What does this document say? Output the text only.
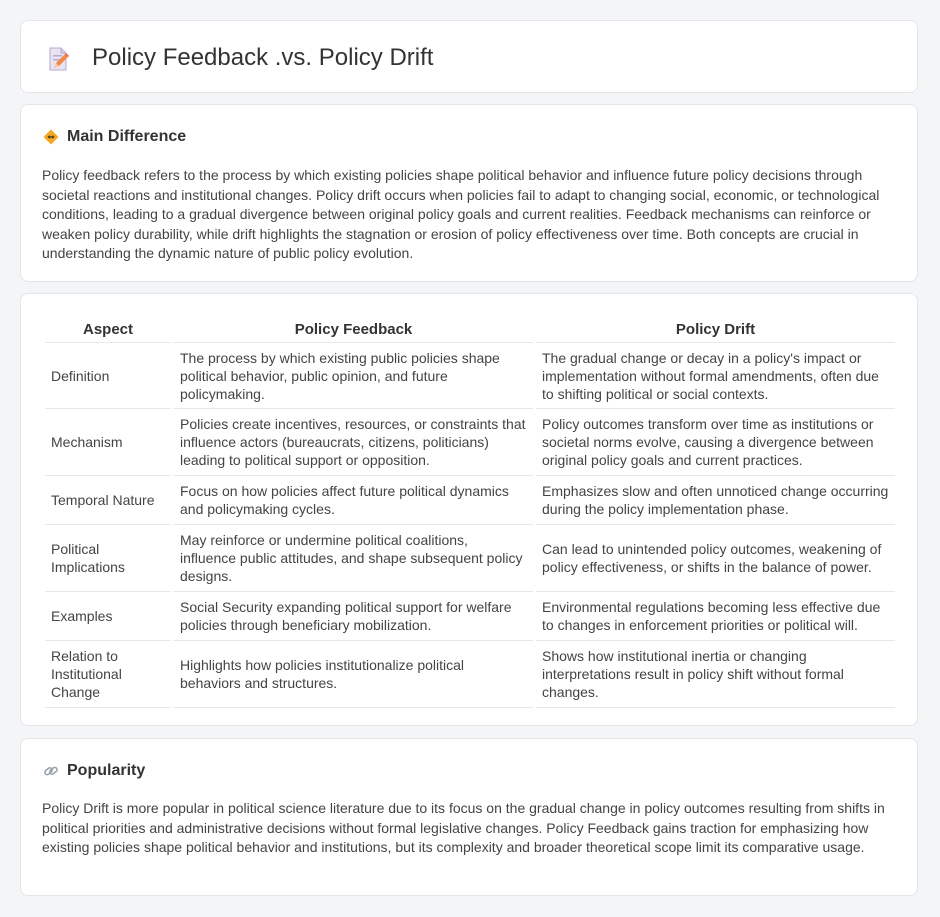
Policy Feedback .vs. Policy Drift
Main Difference

Policy feedback refers to the process by which existing policies shape political behavior and influence future policy decisions through societal reactions and institutional changes. Policy drift occurs when policies fail to adapt to changing social, economic, or technological conditions, leading to a gradual divergence between original policy goals and current realities. Feedback mechanisms can reinforce or weaken policy durability, while drift highlights the stagnation or erosion of policy effectiveness over time. Both concepts are crucial in understanding the dynamic nature of public policy evolution.

Aspect	Policy Feedback	Policy Drift
Definition	The process by which existing public policies shape political behavior, public opinion, and future policymaking.	The gradual change or decay in a policy's impact or implementation without formal amendments, often due to shifting political or social contexts.
Mechanism	Policies create incentives, resources, or constraints that influence actors (bureaucrats, citizens, politicians) leading to political support or opposition.	Policy outcomes transform over time as institutions or societal norms evolve, causing a divergence between original policy goals and current practices.
Temporal Nature	Focus on how policies affect future political dynamics and policymaking cycles.	Emphasizes slow and often unnoticed change occurring during the policy implementation phase.
Political Implications	May reinforce or undermine political coalitions, influence public attitudes, and shape subsequent policy designs.	Can lead to unintended policy outcomes, weakening of policy effectiveness, or shifts in the balance of power.
Examples	Social Security expanding political support for welfare policies through beneficiary mobilization.	Environmental regulations becoming less effective due to changes in enforcement priorities or political will.
Relation to Institutional Change	Highlights how policies institutionalize political behaviors and structures.	Shows how institutional inertia or changing interpretations result in policy shift without formal changes.
Popularity

Policy Drift is more popular in political science literature due to its focus on the gradual change in policy outcomes resulting from shifts in political priorities and administrative decisions without formal legislative changes. Policy Feedback gains traction for emphasizing how existing policies shape political behavior and institutions, but its complexity and broader theoretical scope limit its comparative usage.
